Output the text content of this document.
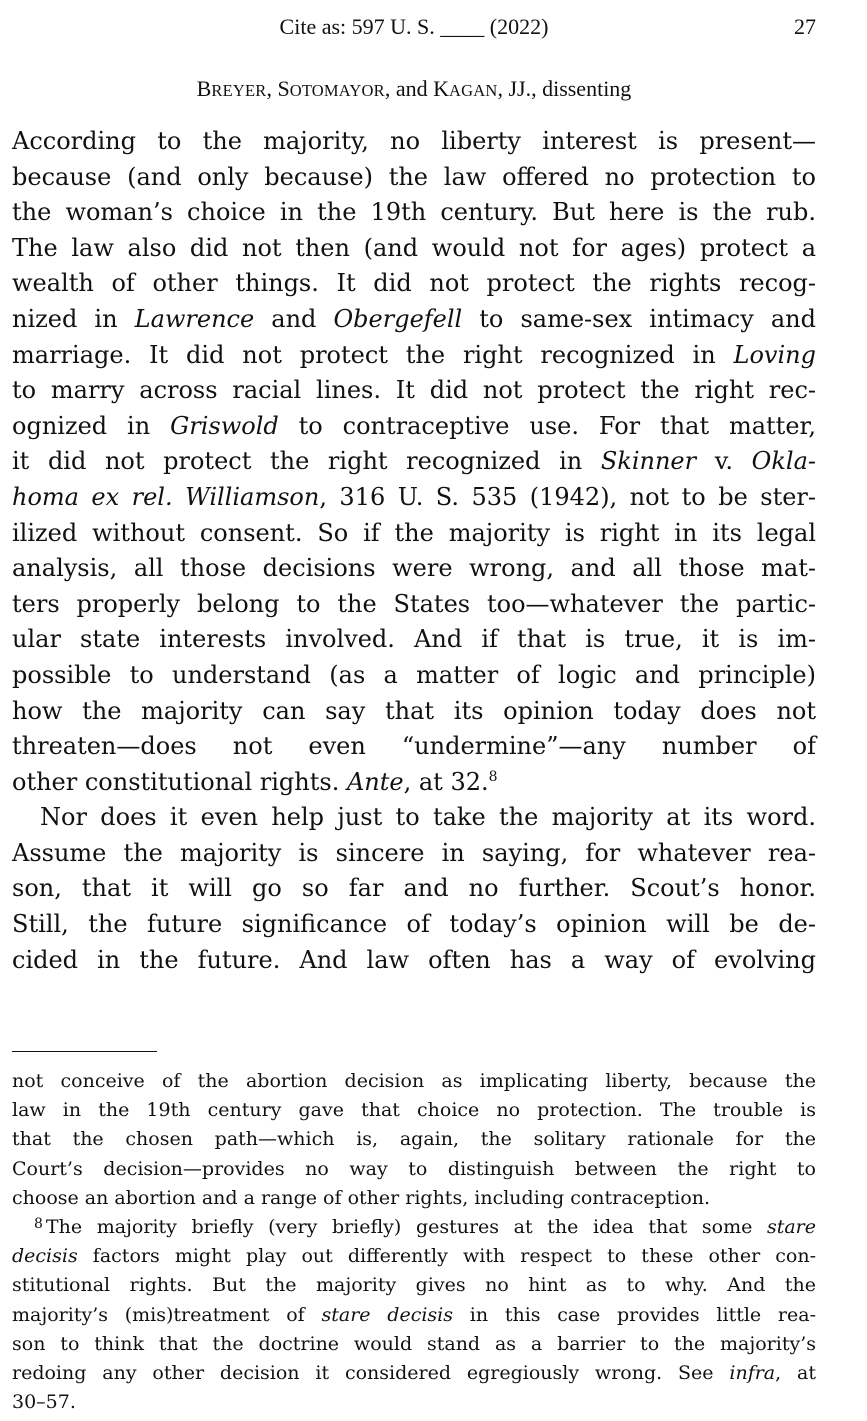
Cite as: 597 U. S. ____ (2022)	27
BREYER, SOTOMAYOR, and KAGAN, JJ., dissenting
According to the majority, no liberty interest is present—
because (and only because) the law offered no protection to
the woman’s choice in the 19th century. But here is the rub.
The law also did not then (and would not for ages) protect a
wealth of other things. It did not protect the rights recog-
nized in Lawrence and Obergefell to same-sex intimacy and
marriage. It did not protect the right recognized in Loving
to marry across racial lines. It did not protect the right rec-
ognized in Griswold to contraceptive use. For that matter,
it did not protect the right recognized in Skinner v. Okla-
homa ex rel. Williamson, 316 U. S. 535 (1942), not to be ster-
ilized without consent. So if the majority is right in its legal
analysis, all those decisions were wrong, and all those mat-
ters properly belong to the States too—whatever the partic-
ular state interests involved. And if that is true, it is im-
possible to understand (as a matter of logic and principle)
how the majority can say that its opinion today does not
threaten—does not even “undermine”—any number of
other constitutional rights. Ante, at 32.$^8$
Nor does it even help just to take the majority at its word.
Assume the majority is sincere in saying, for whatever rea-
son, that it will go so far and no further. Scout’s honor.
Still, the future significance of today’s opinion will be de-
cided in the future. And law often has a way of evolving
not conceive of the abortion decision as implicating liberty, because the
law in the 19th century gave that choice no protection. The trouble is
that the chosen path—which is, again, the solitary rationale for the
Court’s decision—provides no way to distinguish between the right to
choose an abortion and a range of other rights, including contraception.
$^8$ The majority briefly (very briefly) gestures at the idea that some stare
decisis factors might play out differently with respect to these other con-
stitutional rights. But the majority gives no hint as to why. And the
majority’s (mis)treatment of stare decisis in this case provides little rea-
son to think that the doctrine would stand as a barrier to the majority’s
redoing any other decision it considered egregiously wrong. See infra, at
30–57.
